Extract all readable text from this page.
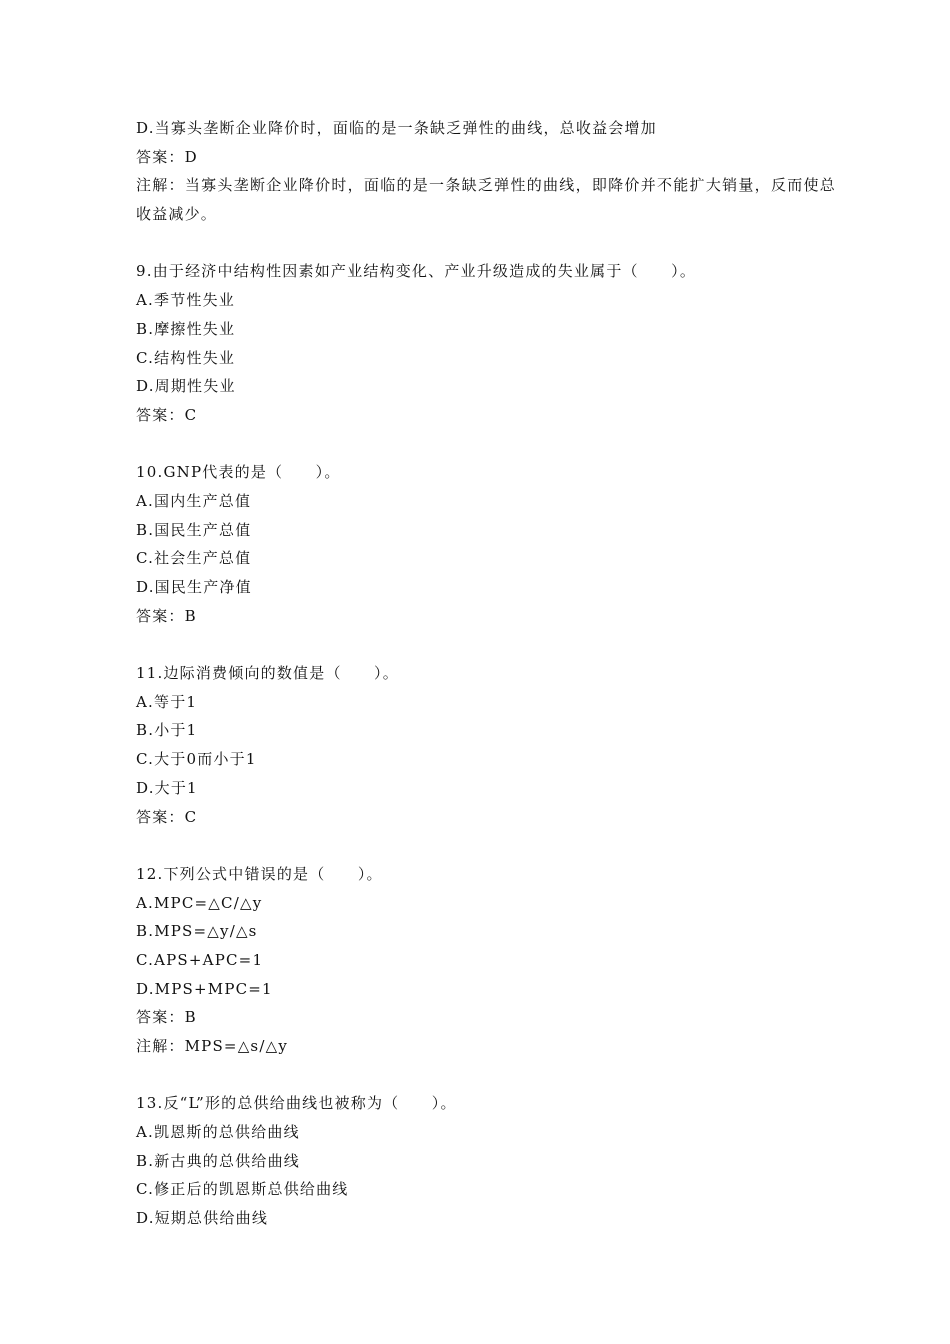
D.当寡头垄断企业降价时，面临的是一条缺乏弹性的曲线，总收益会增加
答案：D
注解：当寡头垄断企业降价时，面临的是一条缺乏弹性的曲线，即降价并不能扩大销量，反而使总收益减少。
9.由于经济中结构性因素如产业结构变化、产业升级造成的失业属于（　　）。
A.季节性失业
B.摩擦性失业
C.结构性失业
D.周期性失业
答案：C
10.GNP代表的是（　　）。
A.国内生产总值
B.国民生产总值
C.社会生产总值
D.国民生产净值
答案：B
11.边际消费倾向的数值是（　　）。
A.等于1
B.小于1
C.大于0而小于1
D.大于1
答案：C
12.下列公式中错误的是（　　）。
A.MPC=△C/△y
B.MPS=△y/△s
C.APS+APC=1
D.MPS+MPC=1
答案：B
注解：MPS=△s/△y
13.反“L”形的总供给曲线也被称为（　　）。
A.凯恩斯的总供给曲线
B.新古典的总供给曲线
C.修正后的凯恩斯总供给曲线
D.短期总供给曲线
